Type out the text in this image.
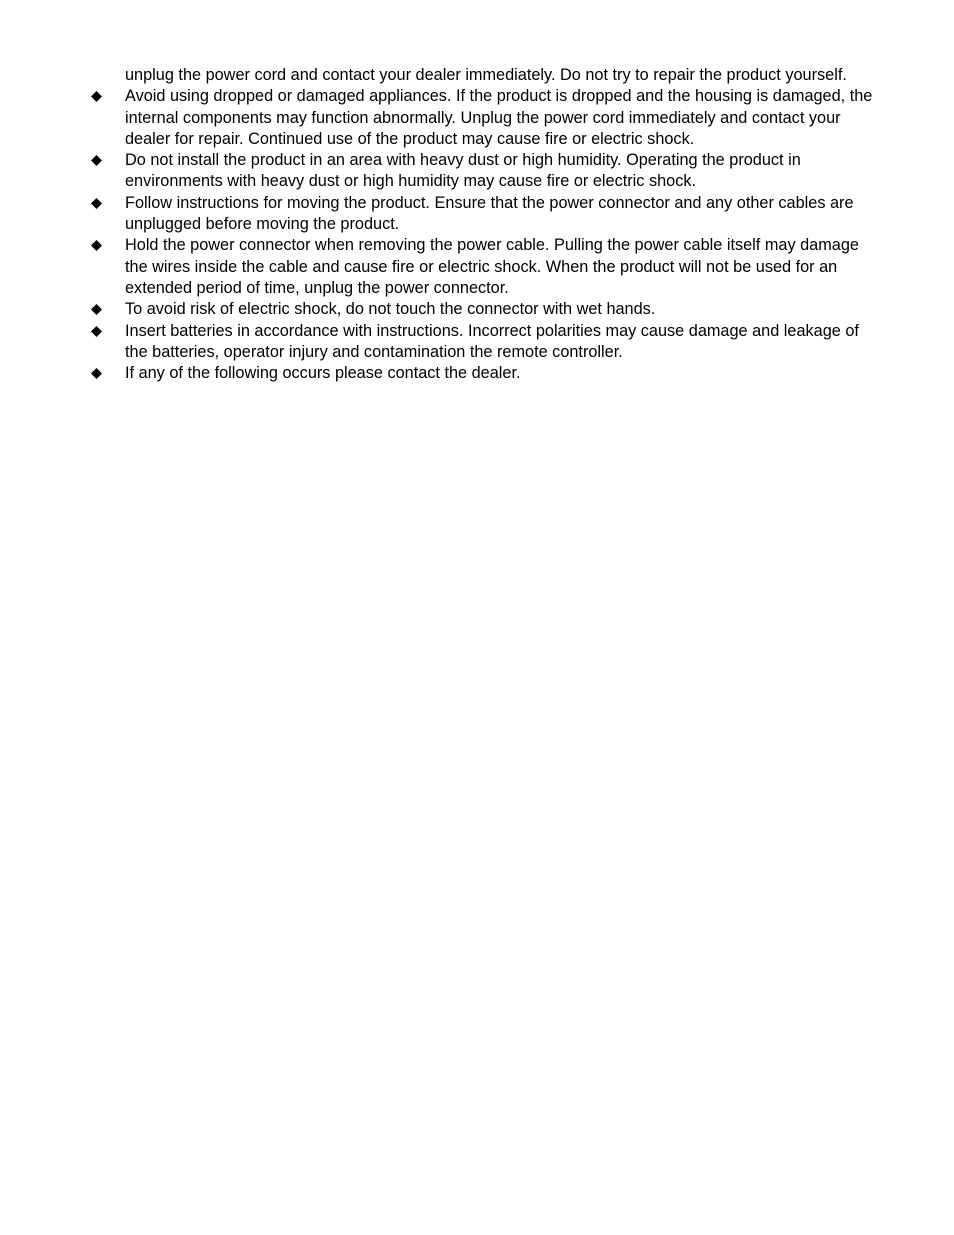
unplug the power cord and contact your dealer immediately. Do not try to repair the product yourself.

Avoid using dropped or damaged appliances. If the product is dropped and the housing is damaged, the internal components may function abnormally. Unplug the power cord immediately and contact your dealer for repair. Continued use of the product may cause fire or electric shock.
Do not install the product in an area with heavy dust or high humidity. Operating the product in environments with heavy dust or high humidity may cause fire or electric shock.
Follow instructions for moving the product. Ensure that the power connector and any other cables are unplugged before moving the product.
Hold the power connector when removing the power cable. Pulling the power cable itself may damage the wires inside the cable and cause fire or electric shock. When the product will not be used for an extended period of time, unplug the power connector.
To avoid risk of electric shock, do not touch the connector with wet hands.
Insert batteries in accordance with instructions. Incorrect polarities may cause damage and leakage of the batteries, operator injury and contamination the remote controller.
If any of the following occurs please contact the dealer.
